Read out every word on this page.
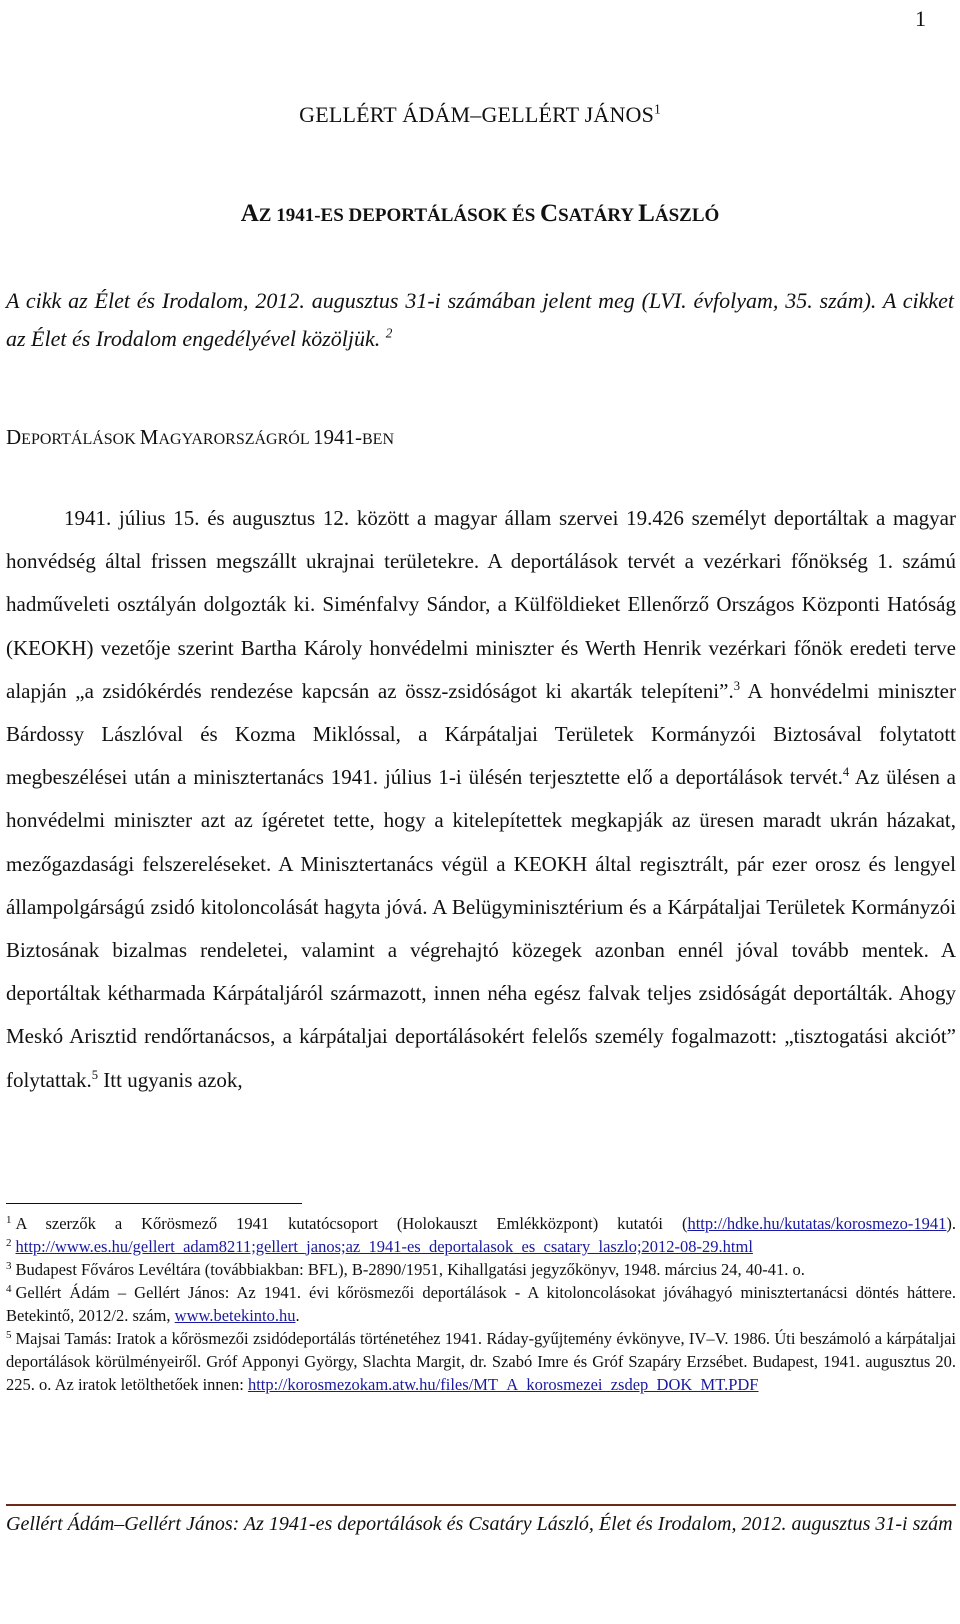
1
GELLÉRT ÁDÁM–GELLÉRT JÁNOS$^1$
AZ 1941-ES DEPORTÁLÁSOK ÉS CSATÁRY LÁSZLÓ
A cikk az Élet és Irodalom, 2012. augusztus 31-i számában jelent meg (LVI. évfolyam, 35. szám). A cikket az Élet és Irodalom engedélyével közöljük. $^2$
DEPORTÁLÁSOK MAGYARORSZÁGRÓL 1941-BEN

1941. július 15. és augusztus 12. között a magyar állam szervei 19.426 személyt deportáltak a magyar honvédség által frissen megszállt ukrajnai területekre. A deportálások tervét a vezérkari főnökség 1. számú hadműveleti osztályán dolgozták ki. Siménfalvy Sándor, a Külföldieket Ellenőrző Országos Központi Hatóság (KEOKH) vezetője szerint Bartha Károly honvédelmi miniszter és Werth Henrik vezérkari főnök eredeti terve alapján „a zsidókérdés rendezése kapcsán az össz-zsidóságot ki akarták telepíteni”.$^3$ A honvédelmi miniszter Bárdossy Lászlóval és Kozma Miklóssal, a Kárpátaljai Területek Kormányzói Biztosával folytatott megbeszélései után a minisztertanács 1941. július 1-i ülésén terjesztette elő a deportálások tervét.$^4$ Az ülésen a honvédelmi miniszter azt az ígéretet tette, hogy a kitelepítettek megkapják az üresen maradt ukrán házakat, mezőgazdasági felszereléseket. A Minisztertanács végül a KEOKH által regisztrált, pár ezer orosz és lengyel állampolgárságú zsidó kitoloncolását hagyta jóvá. A Belügyminisztérium és a Kárpátaljai Területek Kormányzói Biztosának bizalmas rendeletei, valamint a végrehajtó közegek azonban ennél jóval tovább mentek. A deportáltak kétharmada Kárpátaljáról származott, innen néha egész falvak teljes zsidóságát deportálták. Ahogy Meskó Arisztid rendőrtanácsos, a kárpátaljai deportálásokért felelős személy fogalmazott: „tisztogatási akciót” folytattak.$^5$ Itt ugyanis azok,

$^1$ A szerzők a Kőrösmező 1941 kutatócsoport (Holokauszt Emlékközpont) kutatói (http://hdke.hu/kutatas/korosmezo-1941).

$^2$ http://www.es.hu/gellert_adam8211;gellert_janos;az_1941-es_deportalasok_es_csatary_laszlo;2012-08-29.html

$^3$ Budapest Főváros Levéltára (továbbiakban: BFL), B-2890/1951, Kihallgatási jegyzőkönyv, 1948. március 24, 40-41. o.

$^4$ Gellért Ádám – Gellért János: Az 1941. évi kőrösmezői deportálások - A kitoloncolásokat jóváhagyó minisztertanácsi döntés háttere. Betekintő, 2012/2. szám, www.betekinto.hu.

$^5$ Majsai Tamás: Iratok a kőrösmezői zsidódeportálás történetéhez 1941. Ráday-gyűjtemény évkönyve, IV–V. 1986. Úti beszámoló a kárpátaljai deportálások körülményeiről. Gróf Apponyi György, Slachta Margit, dr. Szabó Imre és Gróf Szapáry Erzsébet. Budapest, 1941. augusztus 20. 225. o. Az iratok letölthetőek innen: http://korosmezokam.atw.hu/files/MT_A_korosmezei_zsdep_DOK_MT.PDF

Gellért Ádám–Gellért János: Az 1941-es deportálások és Csatáry László, Élet és Irodalom, 2012. augusztus 31-i szám
